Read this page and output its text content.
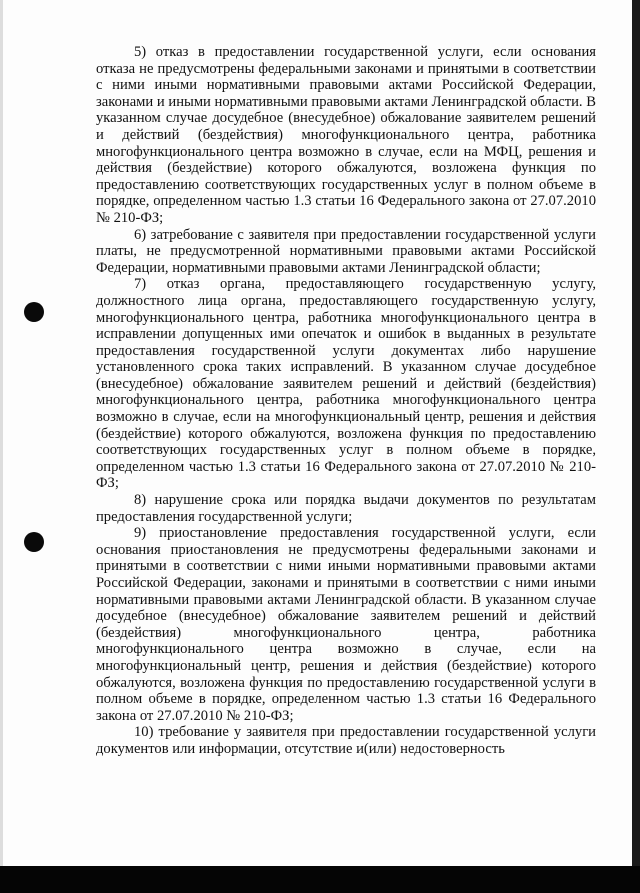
5) отказ в предоставлении государственной услуги, если основания отказа не предусмотрены федеральными законами и принятыми в соответствии с ними иными нормативными правовыми актами Российской Федерации, законами и иными нормативными правовыми актами Ленинградской области. В указанном случае досудебное (внесудебное) обжалование заявителем решений и действий (бездействия) многофункционального центра, работника многофункционального центра возможно в случае, если на МФЦ, решения и действия (бездействие) которого обжалуются, возложена функция по предоставлению соответствующих государственных услуг в полном объеме в порядке, определенном частью 1.3 статьи 16 Федерального закона от 27.07.2010 № 210-ФЗ;

6) затребование с заявителя при предоставлении государственной услуги платы, не предусмотренной нормативными правовыми актами Российской Федерации, нормативными правовыми актами Ленинградской области;

7) отказ органа, предоставляющего государственную услугу, должностного лица органа, предоставляющего государственную услугу, многофункционального центра, работника многофункционального центра в исправлении допущенных ими опечаток и ошибок в выданных в результате предоставления государственной услуги документах либо нарушение установленного срока таких исправлений. В указанном случае досудебное (внесудебное) обжалование заявителем решений и действий (бездействия) многофункционального центра, работника многофункционального центра возможно в случае, если на многофункциональный центр, решения и действия (бездействие) которого обжалуются, возложена функция по предоставлению соответствующих государственных услуг в полном объеме в порядке, определенном частью 1.3 статьи 16 Федерального закона от 27.07.2010 № 210-ФЗ;

8) нарушение срока или порядка выдачи документов по результатам предоставления государственной услуги;

9) приостановление предоставления государственной услуги, если основания приостановления не предусмотрены федеральными законами и принятыми в соответствии с ними иными нормативными правовыми актами Российской Федерации, законами и принятыми в соответствии с ними иными нормативными правовыми актами Ленинградской области. В указанном случае досудебное (внесудебное) обжалование заявителем решений и действий (бездействия) многофункционального центра, работника многофункционального центра возможно в случае, если на многофункциональный центр, решения и действия (бездействие) которого обжалуются, возложена функция по предоставлению государственной услуги в полном объеме в порядке, определенном частью 1.3 статьи 16 Федерального закона от 27.07.2010 № 210-ФЗ;

10) требование у заявителя при предоставлении государственной услуги документов или информации, отсутствие и(или) недостоверность
